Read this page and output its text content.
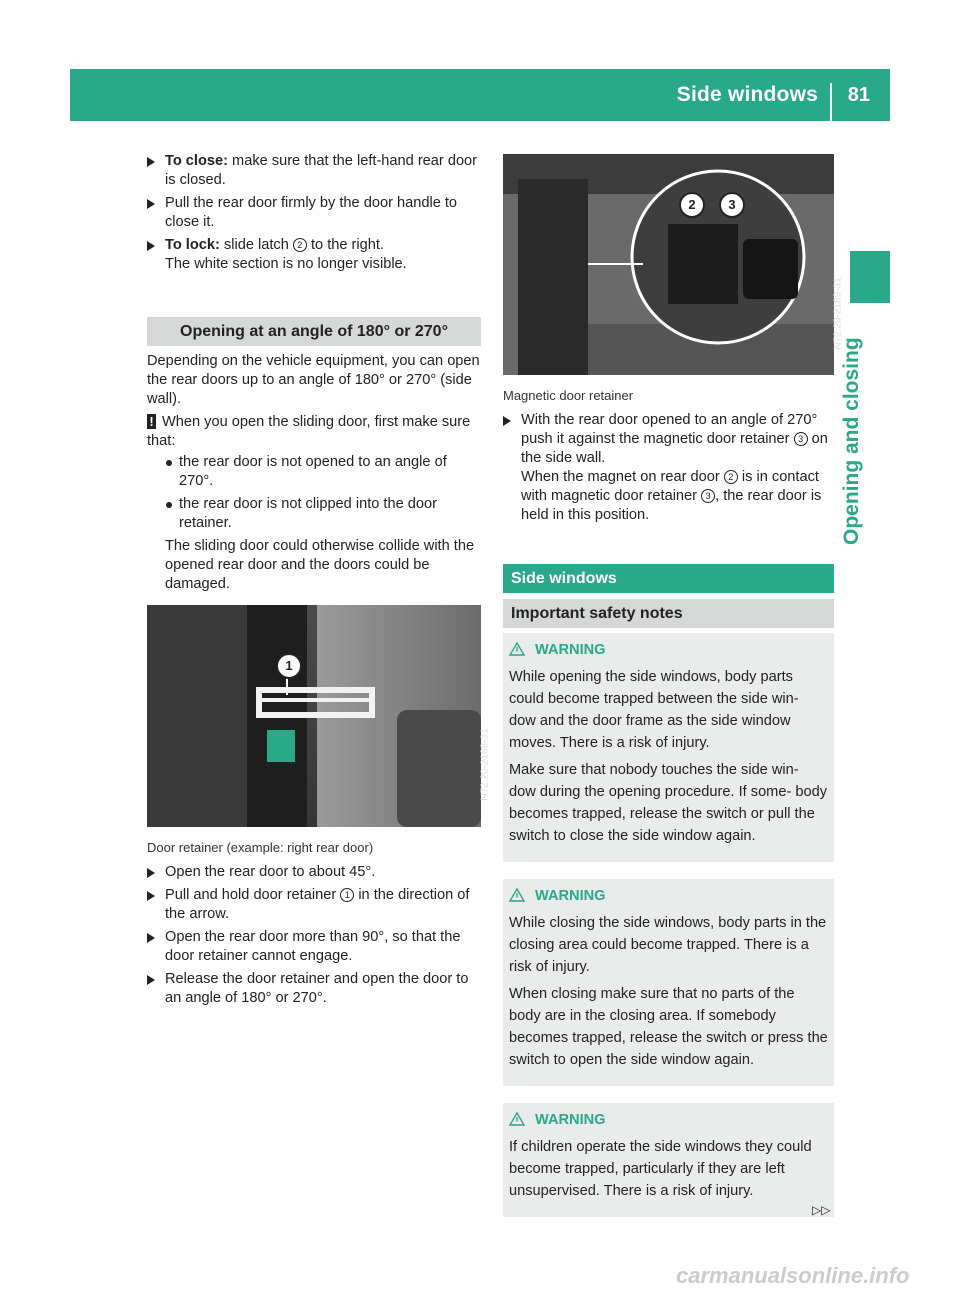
Side windows 81
Opening and closing
To close: make sure that the left-hand rear door is closed.
Pull the rear door firmly by the door handle to close it.
To lock: slide latch 2 to the right.
The white section is no longer visible.
Opening at an angle of 180° or 270°
Depending on the vehicle equipment, you can open the rear doors up to an angle of 180° or 270° (side wall).
! When you open the sliding door, first make sure that:
the rear door is not opened to an angle of 270°.
the rear door is not clipped into the door retainer.
The sliding door could otherwise collide with the opened rear door and the doors could be damaged.
1
N72.20-2188-31
Door retainer (example: right rear door)
Open the rear door to about 45°.
Pull and hold door retainer 1 in the direction of the arrow.
Open the rear door more than 90°, so that the door retainer cannot engage.
Release the door retainer and open the door to an angle of 180° or 270°.
2	3
N72.20-2189-31
Magnetic door retainer
With the rear door opened to an angle of 270° push it against the magnetic door retainer 3 on the side wall.
When the magnet on rear door 2 is in contact with magnetic door retainer 3 , the rear door is held in this position.
Side windows
Important safety notes
WARNING

While opening the side windows, body parts could become trapped between the side win- dow and the door frame as the side window moves. There is a risk of injury.

Make sure that nobody touches the side win- dow during the opening procedure. If some- body becomes trapped, release the switch or pull the switch to close the side window again.

WARNING

While closing the side windows, body parts in the closing area could become trapped. There is a risk of injury.

When closing make sure that no parts of the body are in the closing area. If somebody becomes trapped, release the switch or press the switch to open the side window again.

WARNING

If children operate the side windows they could become trapped, particularly if they are left unsupervised. There is a risk of injury.

▷▷
carmanualsonline.info
